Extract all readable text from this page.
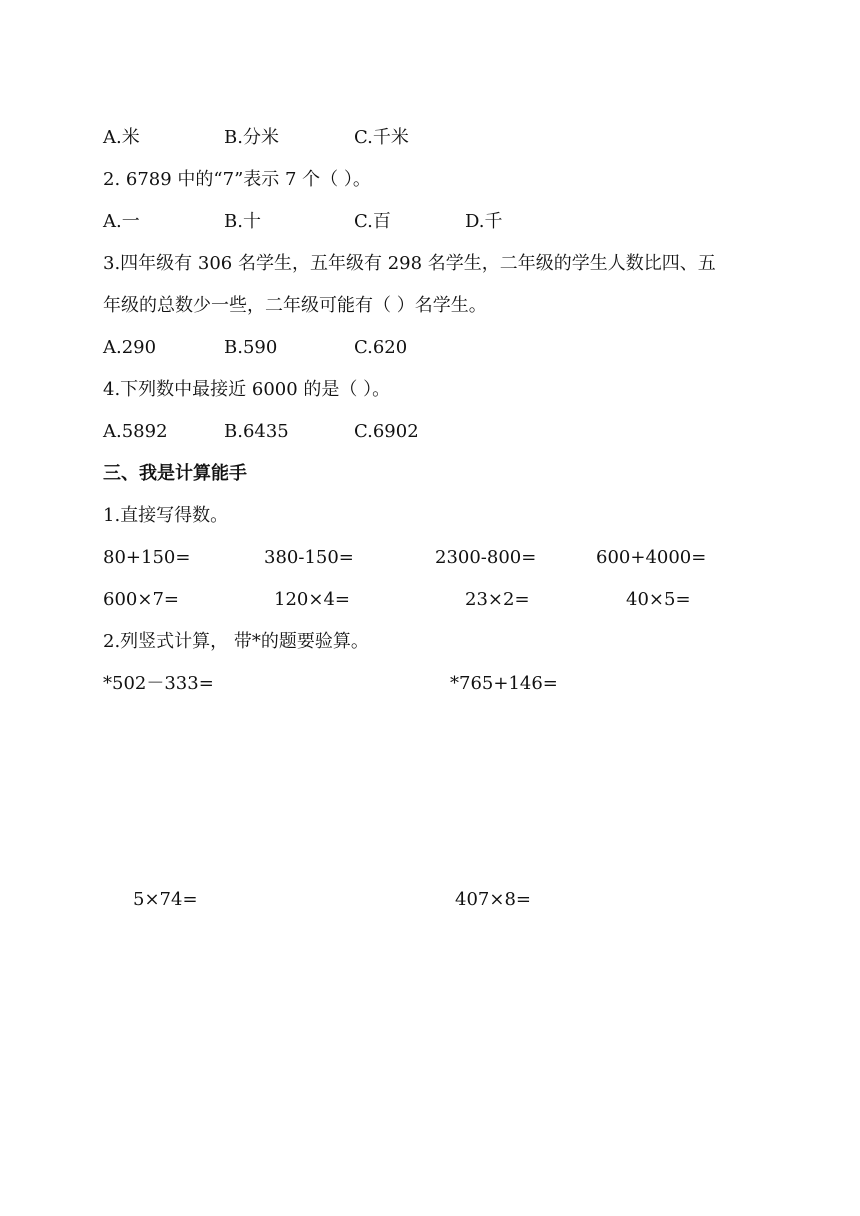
A.米	B.分米	C.千米
2. 6789 中的“7”表示 7 个（ ）。
A.一	B.十	C.百	D.千
3.四年级有 306 名学生，五年级有 298 名学生，二年级的学生人数比四、五
年级的总数少一些，二年级可能有（ ）名学生。
A.290	B.590	C.620
4.下列数中最接近 6000 的是（ ）。
A.5892	B.6435	C.6902
三、我是计算能手
1.直接写得数。
80+150=	380-150=	2300-800=	600+4000=
600×7=	120×4=	23×2=	40×5=
2.列竖式计算， 带*的题要验算。
*502－333=	*765+146=
5×74=	407×8=
